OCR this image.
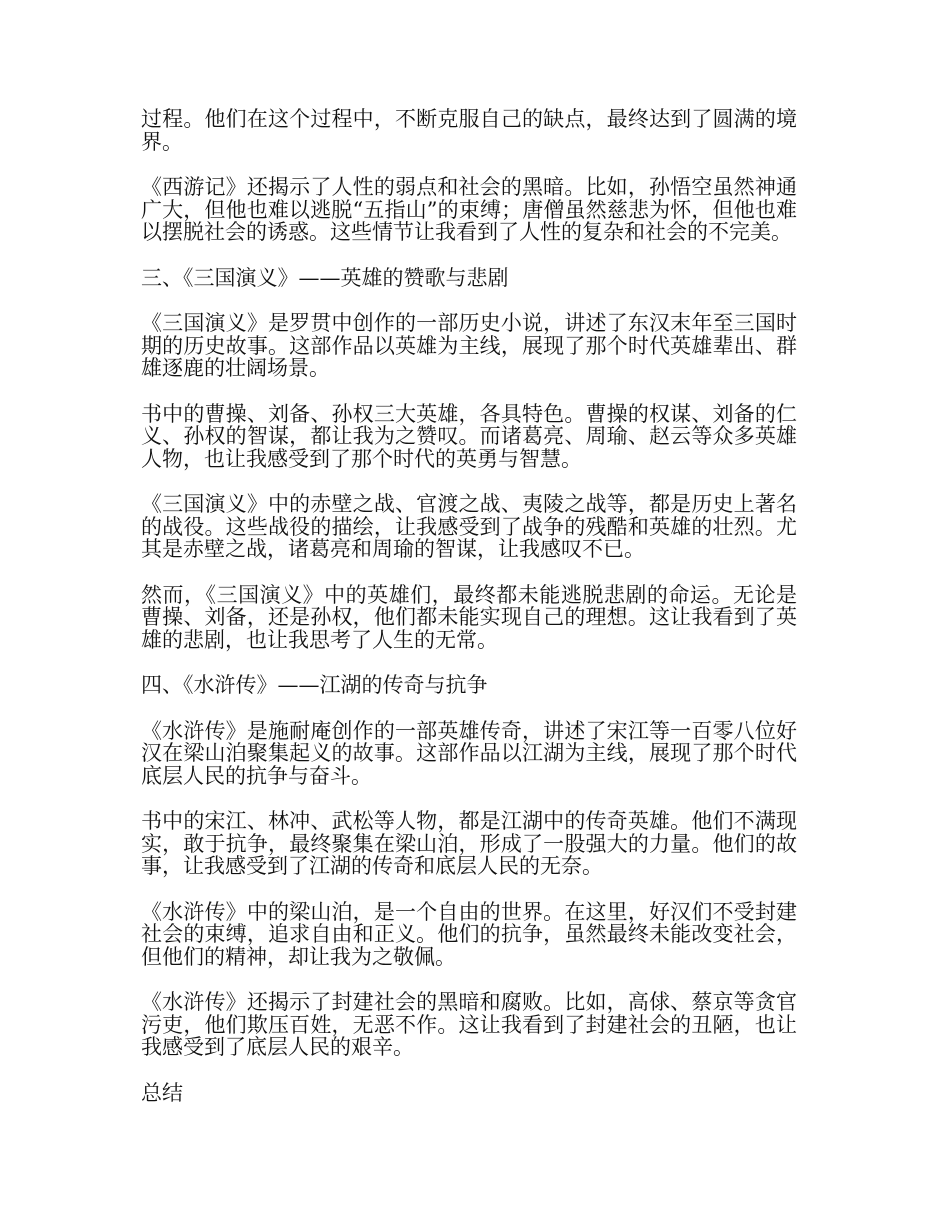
过程。他们在这个过程中，不断克服自己的缺点，最终达到了圆满的境界。

《西游记》还揭示了人性的弱点和社会的黑暗。比如，孙悟空虽然神通广大，但他也难以逃脱“五指山”的束缚；唐僧虽然慈悲为怀，但他也难以摆脱社会的诱惑。这些情节让我看到了人性的复杂和社会的不完美。

三、《三国演义》——英雄的赞歌与悲剧

《三国演义》是罗贯中创作的一部历史小说，讲述了东汉末年至三国时期的历史故事。这部作品以英雄为主线，展现了那个时代英雄辈出、群雄逐鹿的壮阔场景。

书中的曹操、刘备、孙权三大英雄，各具特色。曹操的权谋、刘备的仁义、孙权的智谋，都让我为之赞叹。而诸葛亮、周瑜、赵云等众多英雄人物，也让我感受到了那个时代的英勇与智慧。

《三国演义》中的赤壁之战、官渡之战、夷陵之战等，都是历史上著名的战役。这些战役的描绘，让我感受到了战争的残酷和英雄的壮烈。尤其是赤壁之战，诸葛亮和周瑜的智谋，让我感叹不已。

然而，《三国演义》中的英雄们，最终都未能逃脱悲剧的命运。无论是曹操、刘备，还是孙权，他们都未能实现自己的理想。这让我看到了英雄的悲剧，也让我思考了人生的无常。

四、《水浒传》——江湖的传奇与抗争

《水浒传》是施耐庵创作的一部英雄传奇，讲述了宋江等一百零八位好汉在梁山泊聚集起义的故事。这部作品以江湖为主线，展现了那个时代底层人民的抗争与奋斗。

书中的宋江、林冲、武松等人物，都是江湖中的传奇英雄。他们不满现实，敢于抗争，最终聚集在梁山泊，形成了一股强大的力量。他们的故事，让我感受到了江湖的传奇和底层人民的无奈。

《水浒传》中的梁山泊，是一个自由的世界。在这里，好汉们不受封建社会的束缚，追求自由和正义。他们的抗争，虽然最终未能改变社会，但他们的精神，却让我为之敬佩。

《水浒传》还揭示了封建社会的黑暗和腐败。比如，高俅、蔡京等贪官污吏，他们欺压百姓，无恶不作。这让我看到了封建社会的丑陋，也让我感受到了底层人民的艰辛。

总结
